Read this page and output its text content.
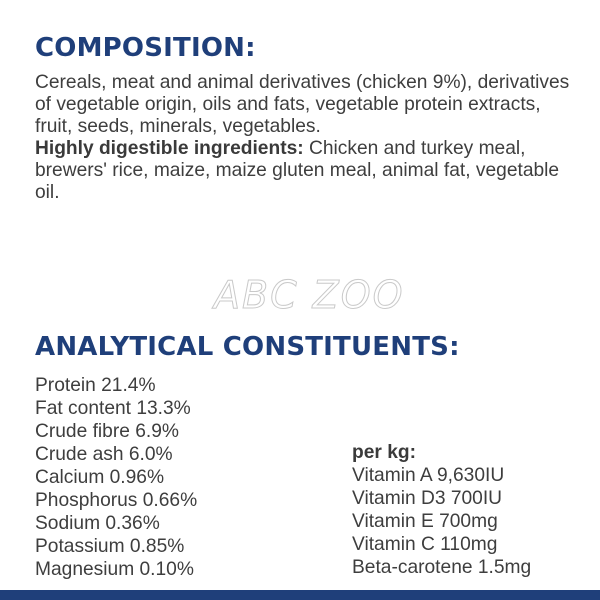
COMPOSITION:

Cereals, meat and animal derivatives (chicken 9%), derivatives of vegetable origin, oils and fats, vegetable protein extracts, fruit, seeds, minerals, vegetables.

Highly digestible ingredients: Chicken and turkey meal, brewers' rice, maize, maize gluten meal, animal fat, vegetable oil.

ABC ZOO
ANALYTICAL CONSTITUENTS:
Protein 21.4%
Fat content 13.3%
Crude fibre 6.9%
Crude ash 6.0%
Calcium 0.96%
Phosphorus 0.66%
Sodium 0.36%
Potassium 0.85%
Magnesium 0.10%
per kg:
Vitamin A 9,630IU
Vitamin D3 700IU
Vitamin E 700mg
Vitamin C 110mg
Beta-carotene 1.5mg
